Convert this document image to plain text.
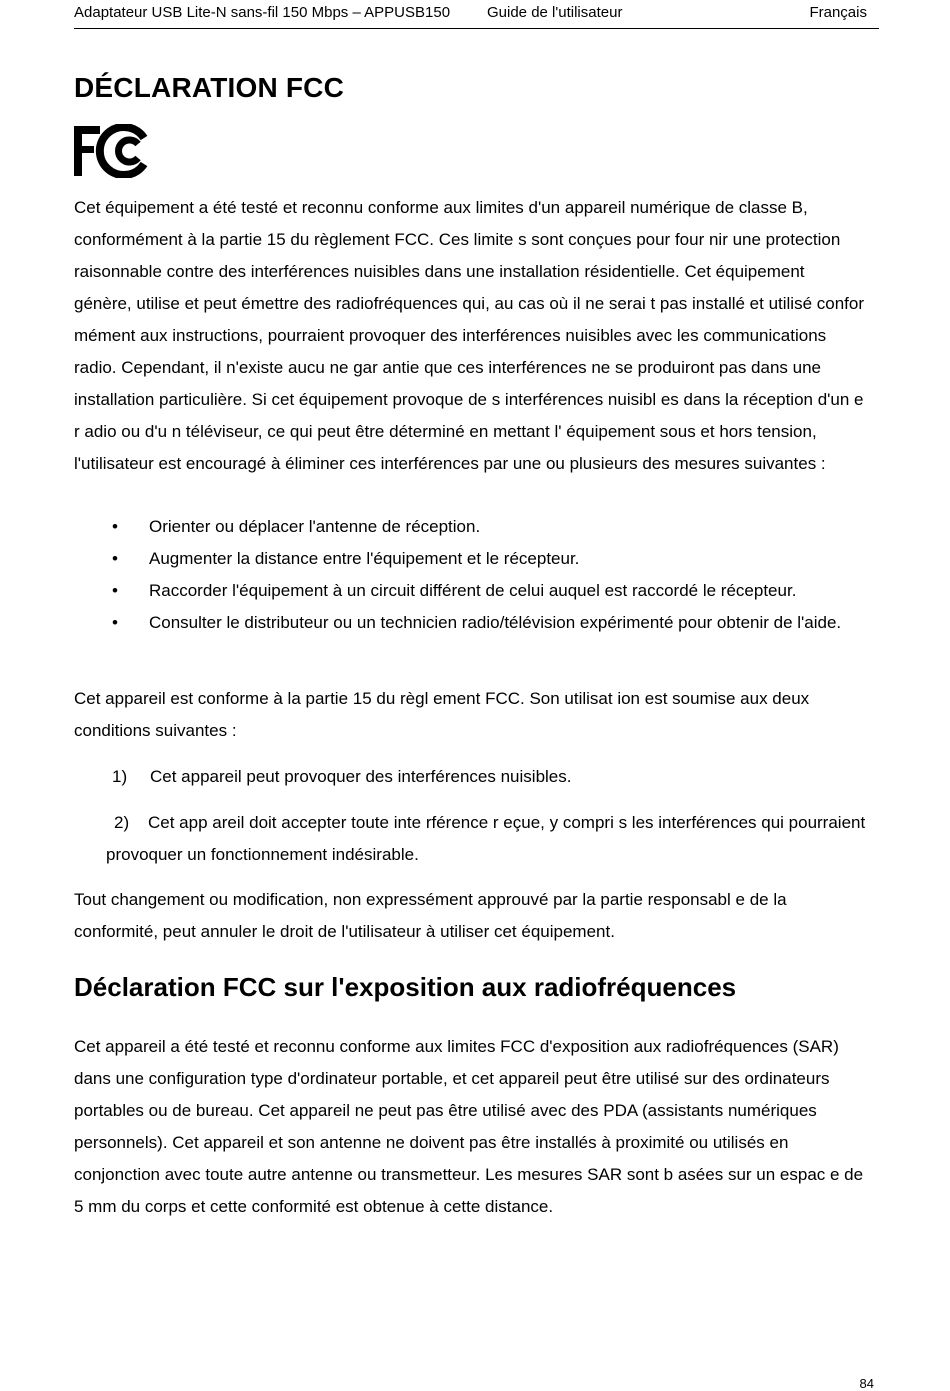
Adaptateur USB Lite-N sans-fil 150 Mbps – APPUSB150 Guide de l'utilisateur	Français
DÉCLARATION FCC

Cet équipement a été testé et reconnu conforme aux limites d'un appareil numérique de classe B, conformément à la partie 15 du règlement FCC. Ces limite s sont conçues pour four nir une protection raisonnable contre des interférences nuisibles dans une installation résidentielle. Cet équipement génère, utilise et peut émettre des radiofréquences qui, au cas où il ne serai t pas installé et utilisé confor mément aux instructions, pourraient provoquer des interférences nuisibles avec les communications radio. Cependant, il n'existe aucu ne gar antie que ces interférences ne se produiront pas dans une installation particulière. Si cet équipement provoque de s interférences nuisibl es dans la réception d'un e r adio ou d'u n téléviseur, ce qui peut être déterminé en mettant l' équipement sous et hors tension, l'utilisateur est encouragé à éliminer ces interférences par une ou plusieurs des mesures suivantes :

• Orienter ou déplacer l'antenne de réception.
• Augmenter la distance entre l'équipement et le récepteur.
• Raccorder l'équipement à un circuit différent de celui auquel est raccordé le récepteur.
• Consulter le distributeur ou un technicien radio/télévision expérimenté pour obtenir de l'aide.

Cet appareil est conforme à la partie 15 du règl ement FCC. Son utilisat ion est soumise aux deux conditions suivantes :

1) Cet appareil peut provoquer des interférences nuisibles.

2) Cet app areil doit accepter toute inte rférence r eçue, y compri s les interférences qui pourraient provoquer un fonctionnement indésirable.

Tout changement ou modification, non expressément approuvé par la partie responsabl e de la conformité, peut annuler le droit de l'utilisateur à utiliser cet équipement.

Déclaration FCC sur l'exposition aux radiofréquences

Cet appareil a été testé et reconnu conforme aux limites FCC d'exposition aux radiofréquences (SAR) dans une configuration type d'ordinateur portable, et cet appareil peut être utilisé sur des ordinateurs portables ou de bureau. Cet appareil ne peut pas être utilisé avec des PDA (assistants numériques personnels). Cet appareil et son antenne ne doivent pas être installés à proximité ou utilisés en conjonction avec toute autre antenne ou transmetteur. Les mesures SAR sont b asées sur un espac e de 5 mm du corps et cette conformité est obtenue à cette distance.

84
